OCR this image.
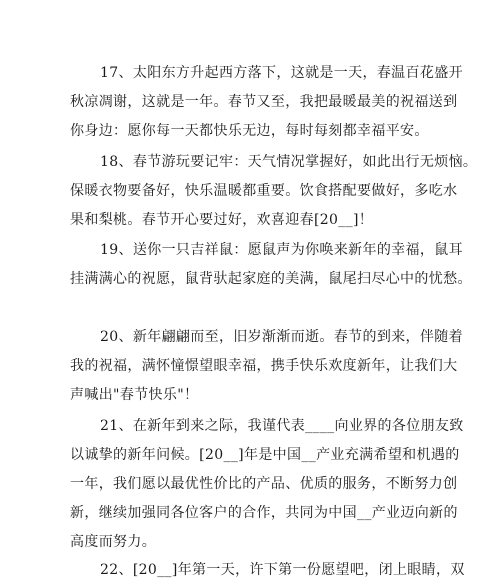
17、太阳东方升起西方落下，这就是一天，春温百花盛开
秋凉凋谢，这就是一年。春节又至，我把最暖最美的祝福送到
你身边：愿你每一天都快乐无边，每时每刻都幸福平安。

18、春节游玩要记牢：天气情况掌握好，如此出行无烦恼。
保暖衣物要备好，快乐温暖都重要。饮食搭配要做好，多吃水
果和梨桃。春节开心要过好，欢喜迎春[20__]！

19、送你一只吉祥鼠：愿鼠声为你唤来新年的幸福，鼠耳
挂满满心的祝愿，鼠背驮起家庭的美满，鼠尾扫尽心中的忧愁。

20、新年翩翩而至，旧岁渐渐而逝。春节的到来，伴随着
我的祝福，满怀憧憬望眼幸福，携手快乐欢度新年，让我们大
声喊出"春节快乐"！

21、在新年到来之际，我谨代表____向业界的各位朋友致
以诚挚的新年问候。[20__]年是中国__产业充满希望和机遇的
一年，我们愿以最优性价比的产品、优质的服务，不断努力创
新，继续加强同各位客户的合作，共同为中国__产业迈向新的
高度而努力。

22、[20__]年第一天，许下第一份愿望吧，闭上眼睛，双
